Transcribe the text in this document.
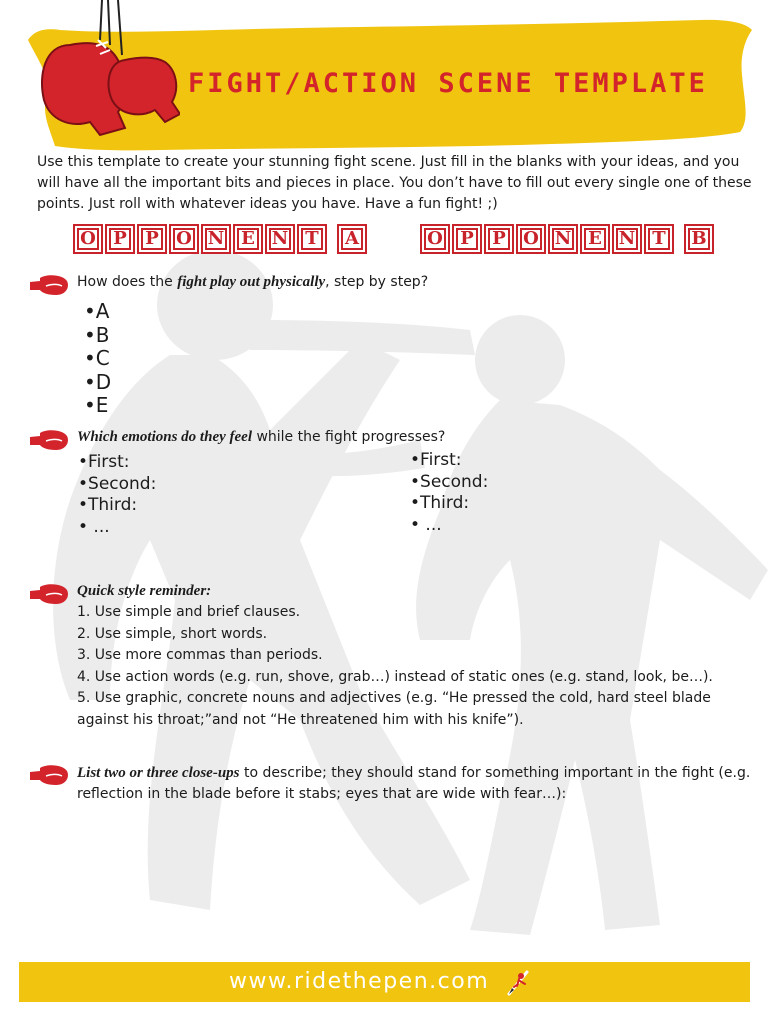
FIGHT/ACTION SCENE TEMPLATE

Use this template to create your stunning fight scene. Just fill in the blanks with your ideas, and you will have all the important bits and pieces in place. You don’t have to fill out every single one of these points. Just roll with whatever ideas you have. Have a fun fight! ;)

O P	P O N E N T	A	O P	P O N E N T	B

How does the fight play out physically, step by step?

•A
•B
•C
•D
•E

Which emotions do they feel while the fight progresses?

•First:
•Second:
•Third:
• ...
•First:
•Second:
•Third:
• ...

Quick style reminder:

1. Use simple and brief clauses.
2. Use simple, short words.
3. Use more commas than periods.
4. Use action words (e.g. run, shove, grab…) instead of static ones (e.g. stand, look, be…).
5. Use graphic, concrete nouns and adjectives (e.g. “He pressed the cold, hard steel blade against his throat;”and not “He threatened him with his knife”).

List two or three close-ups to describe; they should stand for something important in the fight (e.g. reflection in the blade before it stabs; eyes that are wide with fear…):

www.ridethepen.com
